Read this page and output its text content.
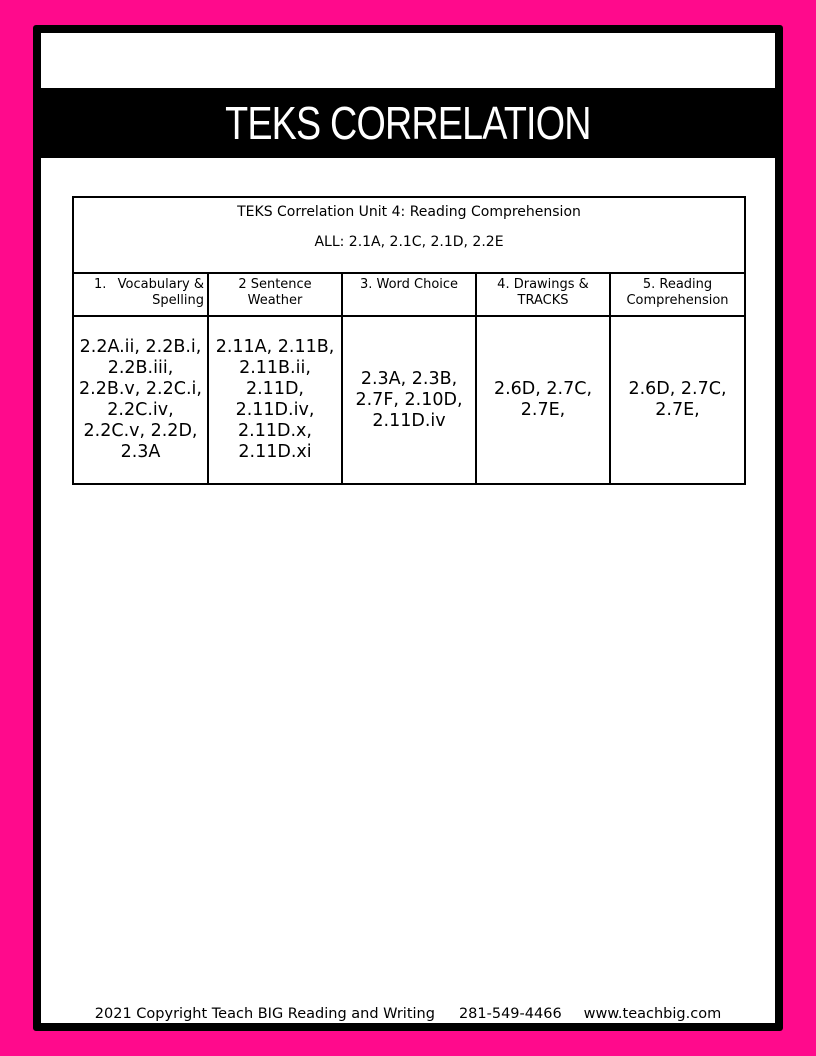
TEKS CORRELATION
TEKS Correlation Unit 4: Reading Comprehension
ALL: 2.1A, 2.1C, 2.1D, 2.2E				

1. Vocabulary & Spelling	2 Sentence Weather	3. Word Choice	4. Drawings & TRACKS	5. Reading Comprehension
2.2A.ii, 2.2B.i, 2.2B.iii, 2.2B.v, 2.2C.i, 2.2C.iv, 2.2C.v, 2.2D, 2.3A	2.11A, 2.11B, 2.11B.ii, 2.11D, 2.11D.iv, 2.11D.x, 2.11D.xi	2.3A, 2.3B, 2.7F, 2.10D, 2.11D.iv	2.6D, 2.7C, 2.7E,	2.6D, 2.7C, 2.7E,
2021 Copyright Teach BIG Reading and Writing 281-549-4466 www.teachbig.com
